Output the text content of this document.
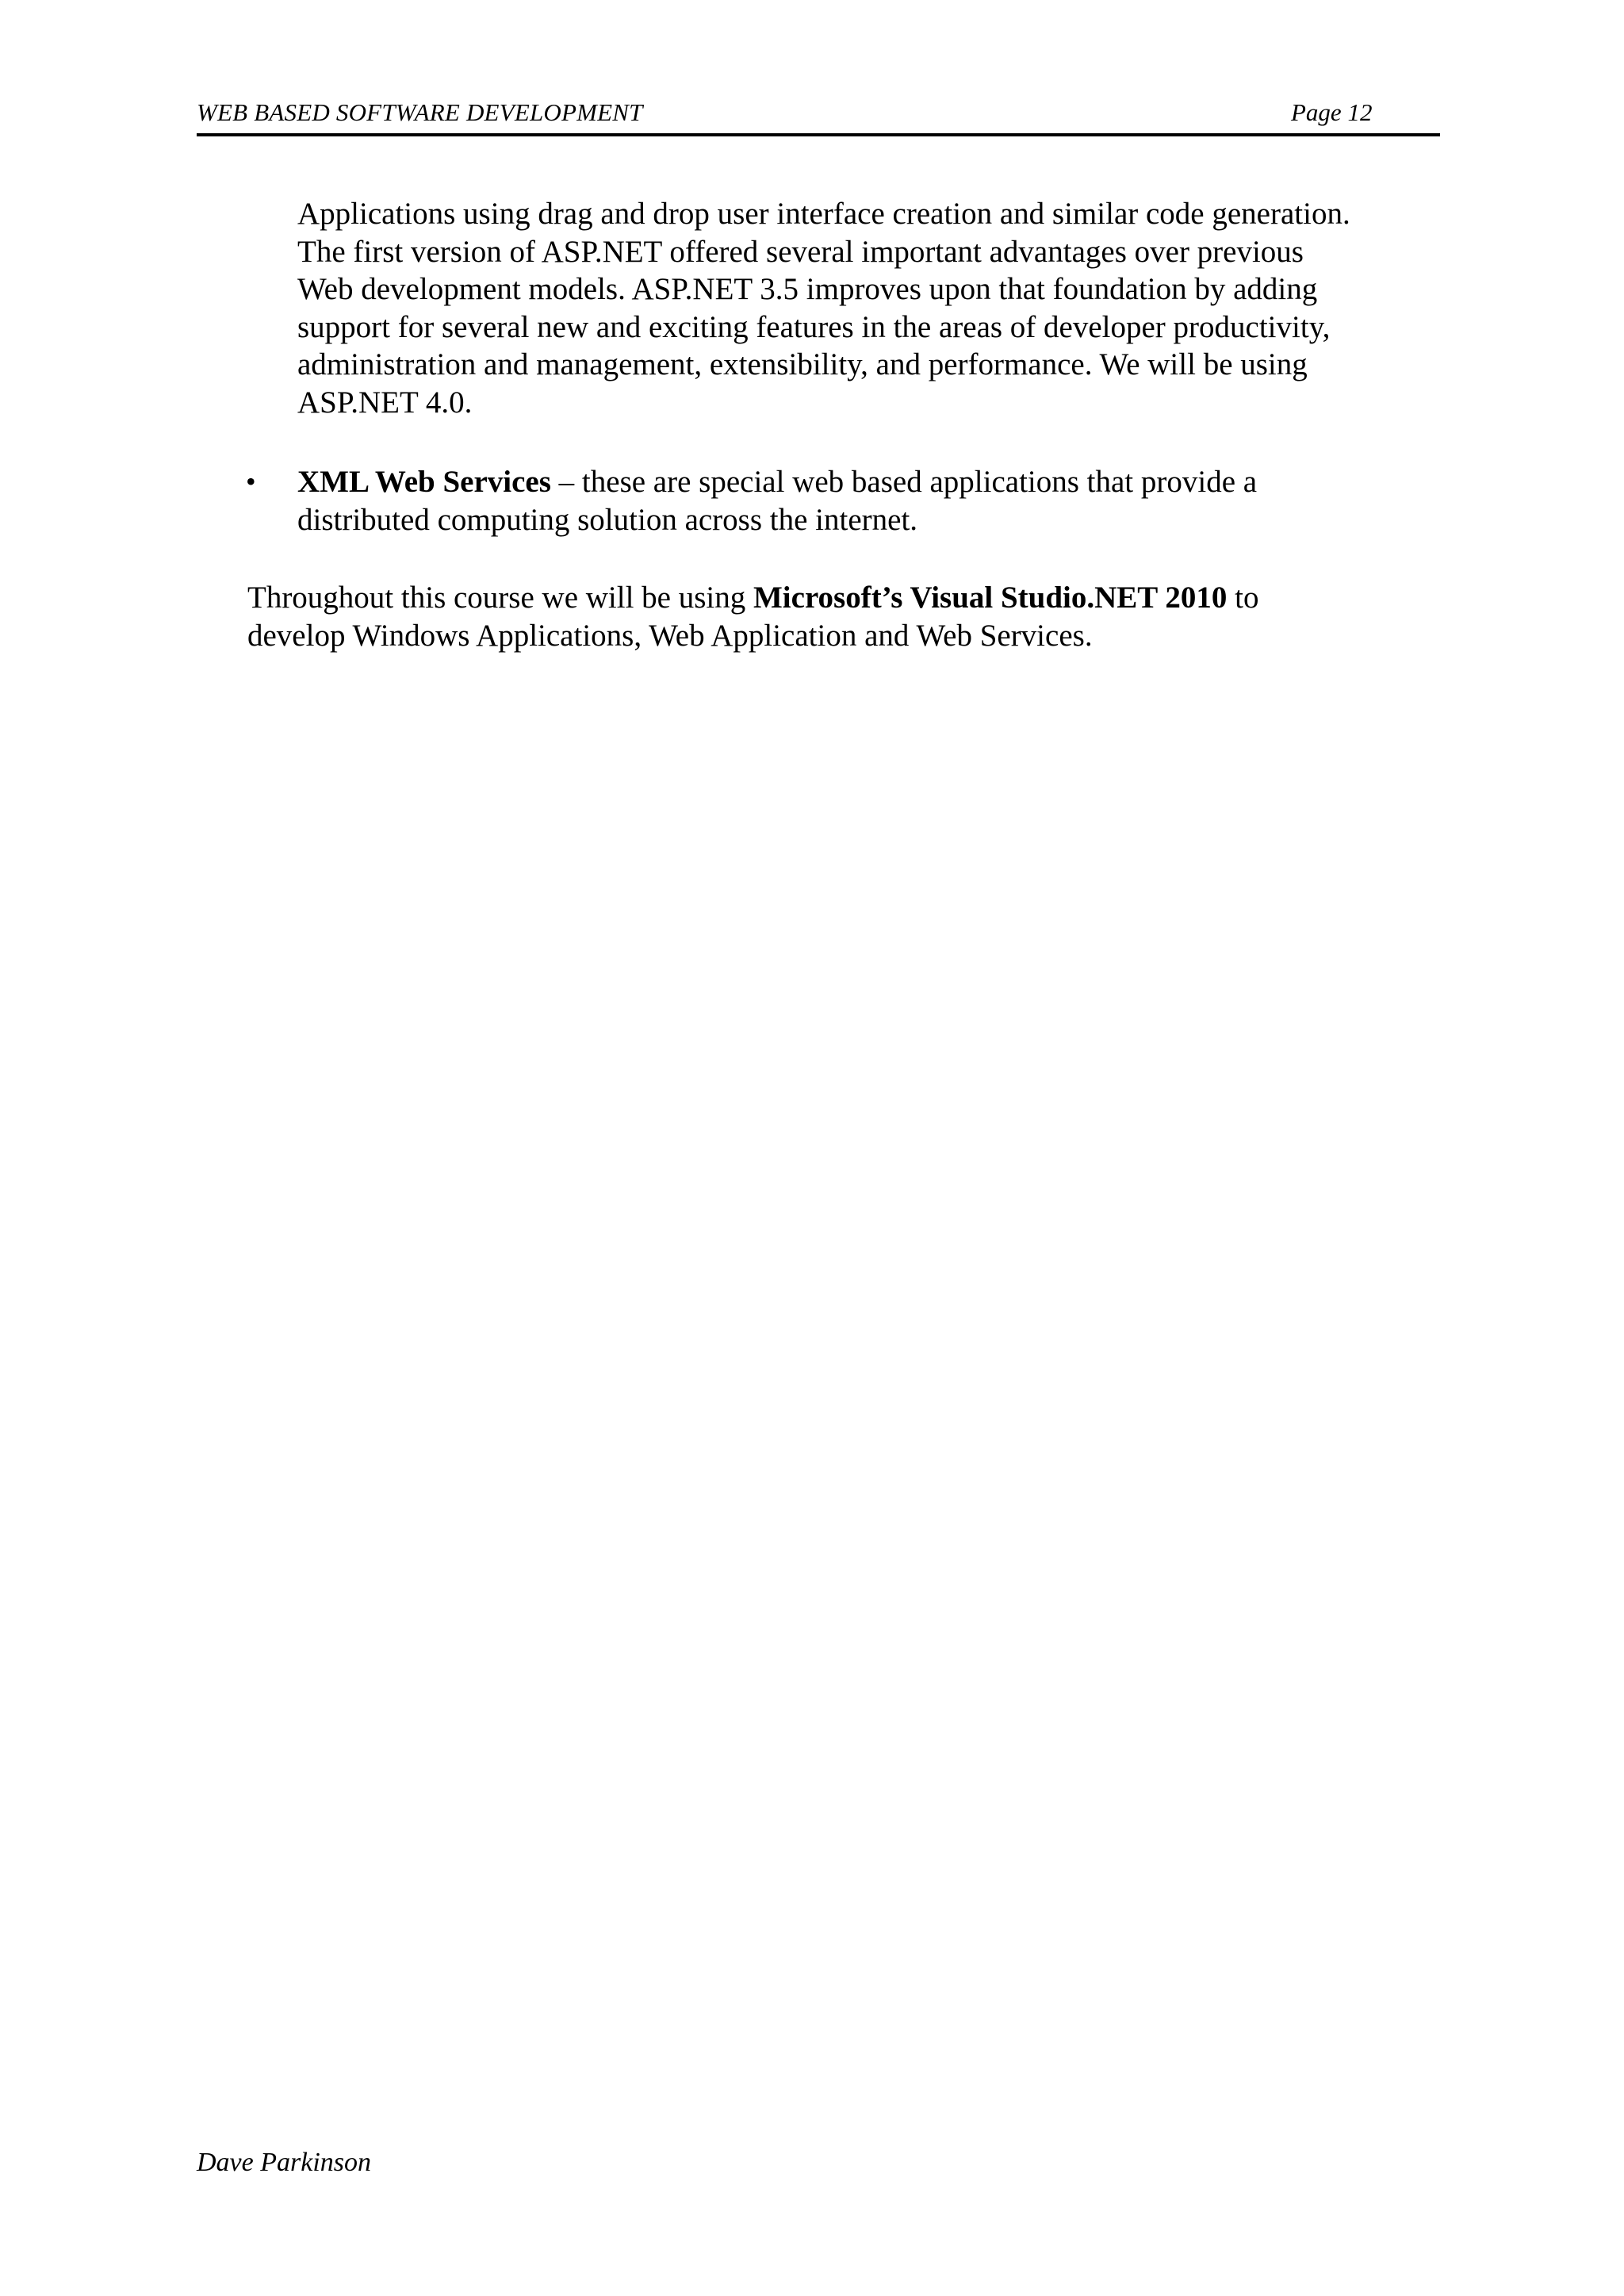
WEB BASED SOFTWARE DEVELOPMENT	Page 12
Applications using drag and drop user interface creation and similar code generation.
The first version of ASP.NET offered several important advantages over previous
Web development models. ASP.NET 3.5 improves upon that foundation by adding
support for several new and exciting features in the areas of developer productivity,
administration and management, extensibility, and performance. We will be using
ASP.NET 4.0.
• XML Web Services – these are special web based applications that provide a
distributed computing solution across the internet.
Throughout this course we will be using Microsoft’s Visual Studio.NET 2010 to
develop Windows Applications, Web Application and Web Services.
Dave Parkinson
